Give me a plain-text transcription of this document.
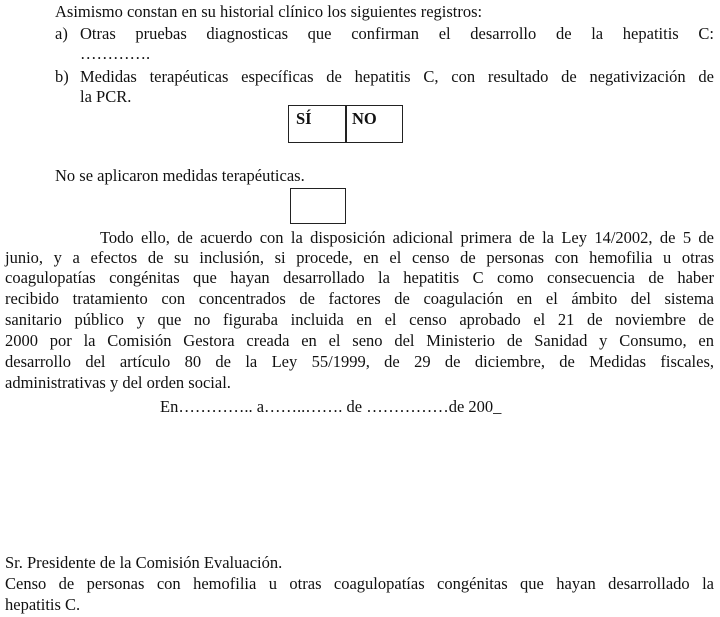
Asimismo constan en su historial clínico los siguientes registros:
a) Otras pruebas diagnosticas que confirman el desarrollo de la hepatitis C:
………….
b) Medidas terapéuticas específicas de hepatitis C, con resultado de negativización de
la PCR.
SÍ NO
No se aplicaron medidas terapéuticas.
Todo ello, de acuerdo con la disposición adicional primera de la Ley 14/2002, de 5 de
junio, y a efectos de su inclusión, si procede, en el censo de personas con hemofilia u otras
coagulopatías congénitas que hayan desarrollado la hepatitis C como consecuencia de haber
recibido tratamiento con concentrados de factores de coagulación en el ámbito del sistema
sanitario público y que no figuraba incluida en el censo aprobado el 21 de noviembre de
2000 por la Comisión Gestora creada en el seno del Ministerio de Sanidad y Consumo, en
desarrollo del artículo 80 de la Ley 55/1999, de 29 de diciembre, de Medidas fiscales,
administrativas y del orden social.
En………….. a……..……. de ……………de 200_
Sr. Presidente de la Comisión Evaluación.
Censo de personas con hemofilia u otras coagulopatías congénitas que hayan desarrollado la
hepatitis C.
